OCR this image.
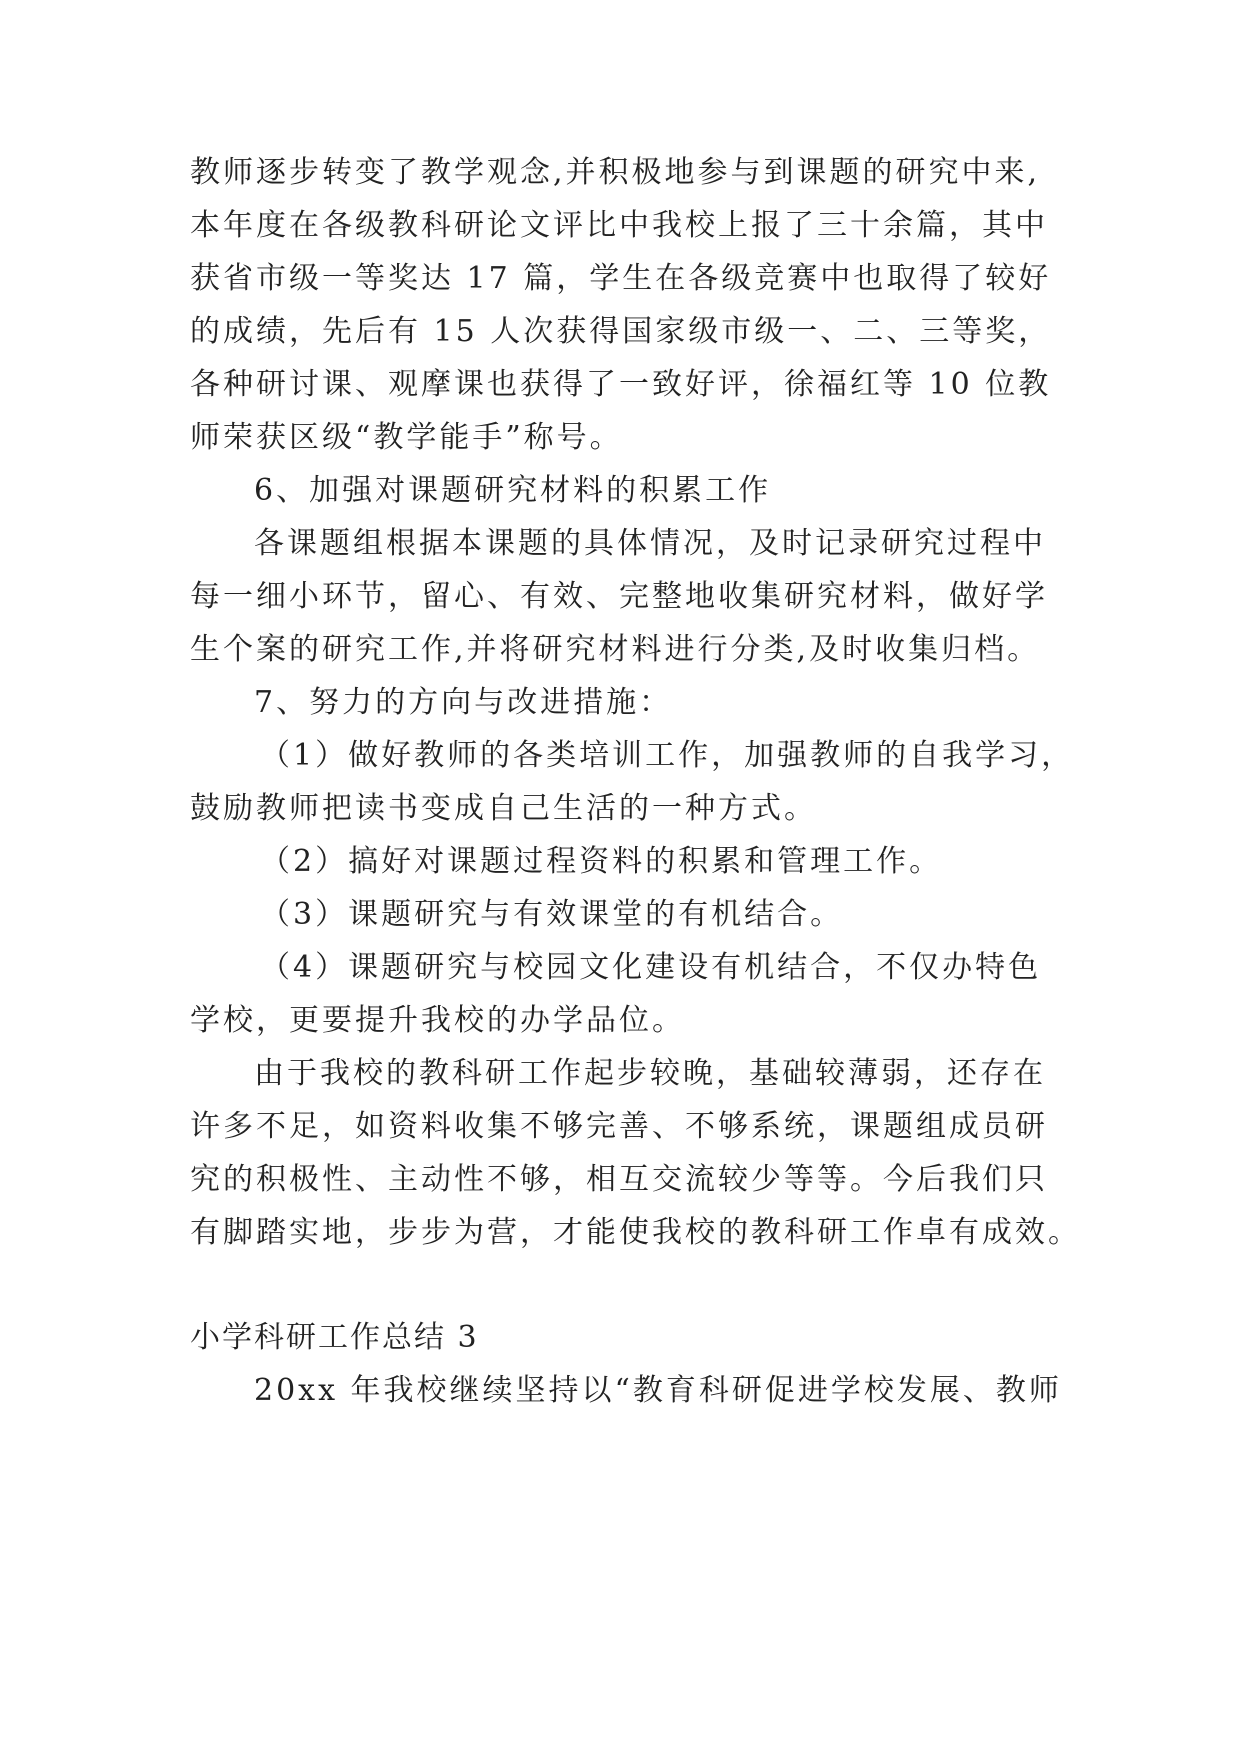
教师逐步转变了教学观念,并积极地参与到课题的研究中来,
本年度在各级教科研论文评比中我校上报了三十余篇，其中
获省市级一等奖达 17 篇，学生在各级竞赛中也取得了较好
的成绩，先后有 15 人次获得国家级市级一、二、三等奖，
各种研讨课、观摩课也获得了一致好评，徐福红等 10 位教
师荣获区级“教学能手”称号。
6、加强对课题研究材料的积累工作
各课题组根据本课题的具体情况，及时记录研究过程中
每一细小环节，留心、有效、完整地收集研究材料，做好学
生个案的研究工作,并将研究材料进行分类,及时收集归档。
7、努力的方向与改进措施：
（1）做好教师的各类培训工作，加强教师的自我学习，
鼓励教师把读书变成自己生活的一种方式。
（2）搞好对课题过程资料的积累和管理工作。
（3）课题研究与有效课堂的有机结合。
（4）课题研究与校园文化建设有机结合，不仅办特色
学校，更要提升我校的办学品位。
由于我校的教科研工作起步较晚，基础较薄弱，还存在
许多不足，如资料收集不够完善、不够系统，课题组成员研
究的积极性、主动性不够，相互交流较少等等。今后我们只
有脚踏实地，步步为营，才能使我校的教科研工作卓有成效。
小学科研工作总结 3
20xx 年我校继续坚持以“教育科研促进学校发展、教师
